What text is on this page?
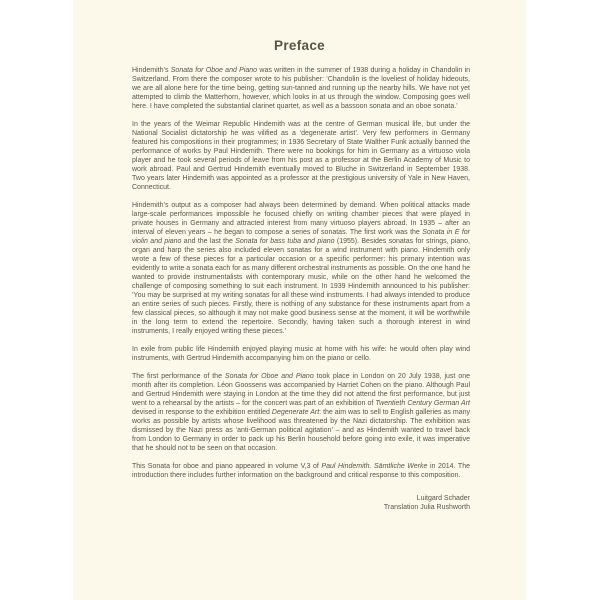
Preface

Hindemith’s Sonata for Oboe and Piano was written in the summer of 1938 during a holiday in Chandolin in Switzerland. From there the composer wrote to his publisher: ‘Chandolin is the loveliest of holiday hideouts, we are all alone here for the time being, getting sun-tanned and running up the nearby hills. We have not yet attempted to climb the Matterhorn, however, which looks in at us through the window. Composing goes well here. I have completed the substantial clarinet quartet, as well as a bassoon sonata and an oboe sonata.’

In the years of the Weimar Republic Hindemith was at the centre of German musical life, but under the National Socialist dictatorship he was vilified as a ‘degenerate artist’. Very few performers in Germany featured his compositions in their programmes; in 1936 Secretary of State Walther Funk actually banned the performance of works by Paul Hindemith. There were no bookings for him in Germany as a virtuoso viola player and he took several periods of leave from his post as a professor at the Berlin Academy of Music to work abroad. Paul and Gertrud Hindemith eventually moved to Bluche in Switzerland in September 1938. Two years later Hindemith was appointed as a professor at the prestigious university of Yale in New Haven, Connecticut.

Hindemith’s output as a composer had always been determined by demand. When political attacks made large-scale performances impossible he focused chiefly on writing chamber pieces that were played in private houses in Germany and attracted interest from many virtuoso players abroad. In 1935 – after an interval of eleven years – he began to compose a series of sonatas. The first work was the Sonata in E for violin and piano and the last the Sonata for bass tuba and piano (1955). Besides sonatas for strings, piano, organ and harp the series also included eleven sonatas for a wind instrument with piano. Hindemith only wrote a few of these pieces for a particular occasion or a specific performer: his primary intention was evidently to write a sonata each for as many different orchestral instruments as possible. On the one hand he wanted to provide instrumentalists with contemporary music, while on the other hand he welcomed the challenge of composing something to suit each instrument. In 1939 Hindemith announced to his publisher: ‘You may be surprised at my writing sonatas for all these wind instruments. I had always intended to produce an entire series of such pieces. Firstly, there is nothing of any substance for these instruments apart from a few classical pieces, so although it may not make good business sense at the moment, it will be worthwhile in the long term to extend the repertoire. Secondly, having taken such a thorough interest in wind instruments, I really enjoyed writing these pieces.’

In exile from public life Hindemith enjoyed playing music at home with his wife: he would often play wind instruments, with Gertrud Hindemith accompanying him on the piano or cello.

The first performance of the Sonata for Oboe and Piano took place in London on 20 July 1938, just one month after its completion. Léon Goossens was accompanied by Harriet Cohen on the piano. Although Paul and Gertrud Hindemith were staying in London at the time they did not attend the first performance, but just went to a rehearsal by the artists – for the concert was part of an exhibition of Twentieth Century German Art devised in response to the exhibition entitled Degenerate Art: the aim was to sell to English galleries as many works as possible by artists whose livelihood was threatened by the Nazi dictatorship. The exhibition was dismissed by the Nazi press as ‘anti-German political agitation’ – and as Hindemith wanted to travel back from London to Germany in order to pack up his Berlin household before going into exile, it was imperative that he should not to be seen on that occasion.

This Sonata for oboe and piano appeared in volume V,3 of Paul Hindemith. Sämtliche Werke in 2014. The introduction there includes further information on the background and critical response to this composition.

Luitgard Schader
Translation Julia Rushworth
